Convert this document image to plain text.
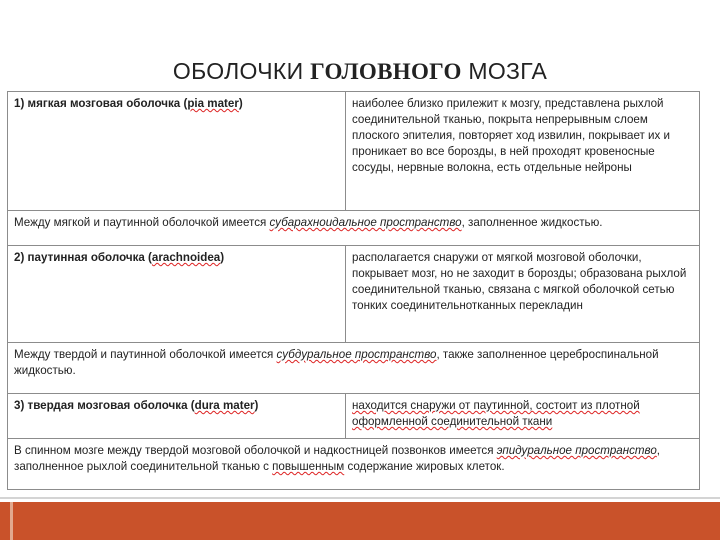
ОБОЛОЧКИ ГОЛОВНОГО МОЗГА
1) мягкая мозговая оболочка (pia mater)	наиболее близко прилежит к мозгу, представлена рыхлой соединительной тканью, покрыта непрерывным слоем плоского эпителия, повторяет ход извилин, покрывает их и проникает во все борозды, в ней проходят кровеносные сосуды, нервные волокна, есть отдельные нейроны
Между мягкой и паутинной оболочкой имеется субарахноидальное пространство, заполненное жидкостью.	
2) паутинная оболочка (arachnoidea)	располагается снаружи от мягкой мозговой оболочки, покрывает мозг, но не заходит в борозды; образована рыхлой соединительной тканью, связана с мягкой оболочкой сетью тонких соединительнотканных перекладин
Между твердой и паутинной оболочкой имеется субдуральное пространство, также заполненное цереброспинальной жидкостью.	
3) твердая мозговая оболочка (dura mater)	находится снаружи от паутинной, состоит из плотной оформленной соединительной ткани
В спинном мозге между твердой мозговой оболочкой и надкостницей позвонков имеется эпидуральное пространство, заполненное рыхлой соединительной тканью с повышенным содержание жировых клеток.	
